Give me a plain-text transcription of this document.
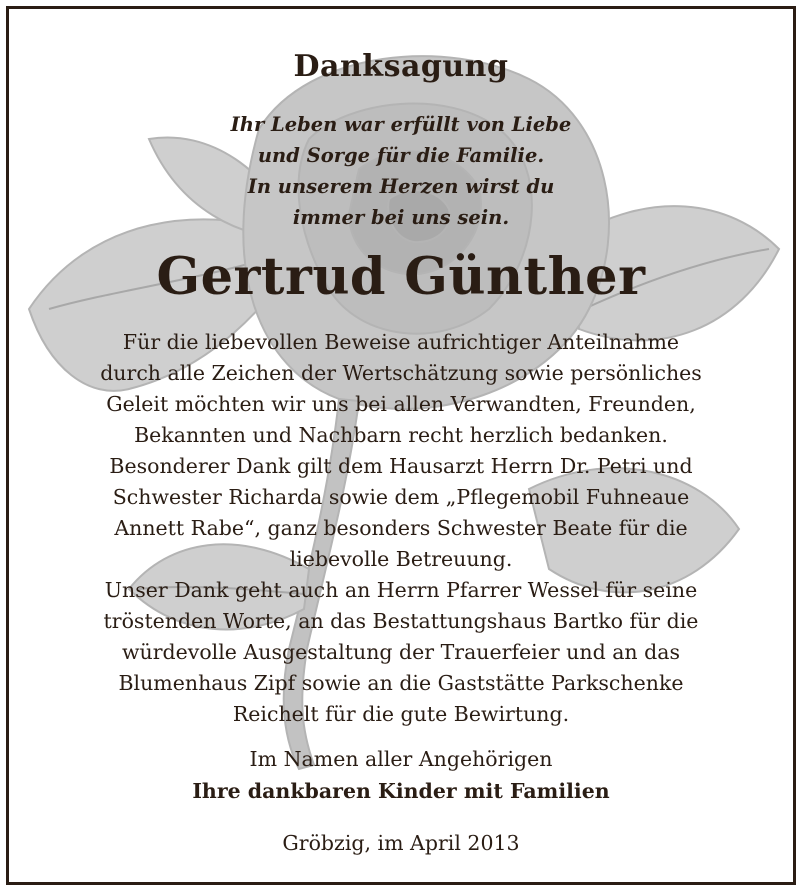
Danksagung
Ihr Leben war erfüllt von Liebe
und Sorge für die Familie.
In unserem Herzen wirst du
immer bei uns sein.
Gertrud Günther
Für die liebevollen Beweise aufrichtiger Anteilnahme
durch alle Zeichen der Wertschätzung sowie persönliches
Geleit möchten wir uns bei allen Verwandten, Freunden,
Bekannten und Nachbarn recht herzlich bedanken.
Besonderer Dank gilt dem Hausarzt Herrn Dr. Petri und
Schwester Richarda sowie dem „Pflegemobil Fuhneaue
Annett Rabe“, ganz besonders Schwester Beate für die
liebevolle Betreuung.
Unser Dank geht auch an Herrn Pfarrer Wessel für seine
tröstenden Worte, an das Bestattungshaus Bartko für die
würdevolle Ausgestaltung der Trauerfeier und an das
Blumenhaus Zipf sowie an die Gaststätte Parkschenke
Reichelt für die gute Bewirtung.
Im Namen aller Angehörigen
Ihre dankbaren Kinder mit Familien
Gröbzig, im April 2013
